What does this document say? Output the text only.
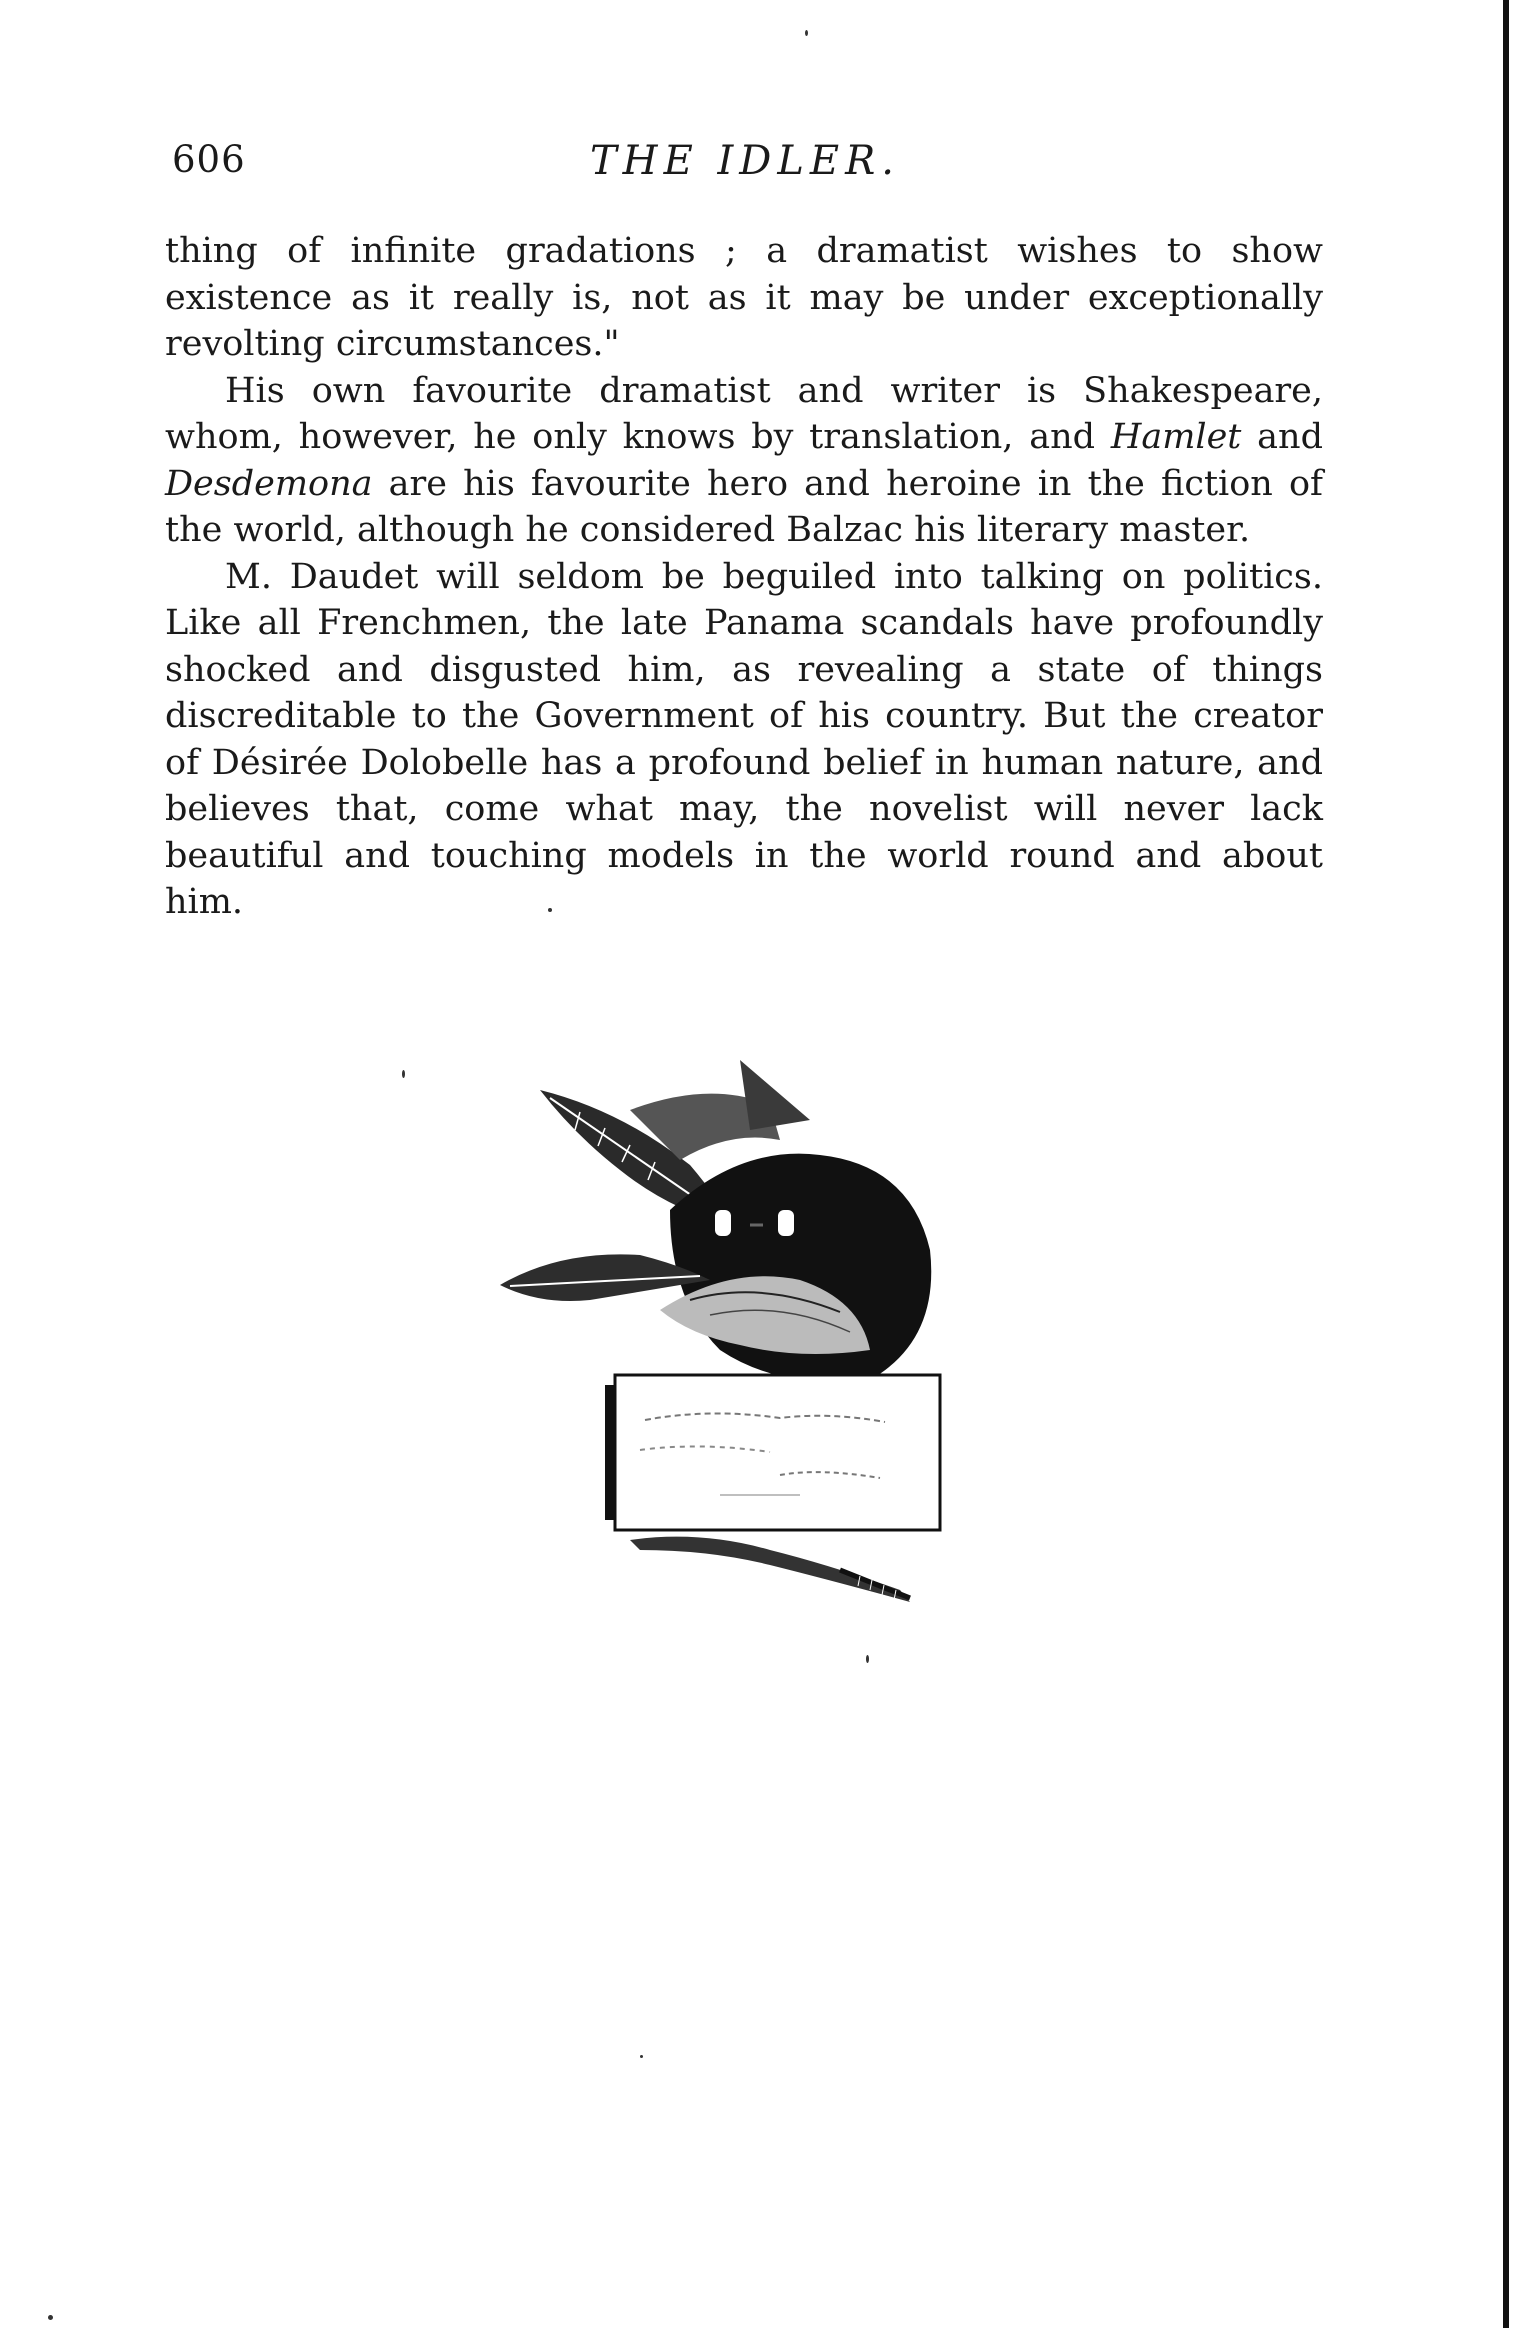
606	THE IDLER.

thing of infinite gradations ; a dramatist wishes to show existence as it really is, not as it may be under exceptionally revolting circumstances."

His own favourite dramatist and writer is Shakespeare, whom, however, he only knows by translation, and Hamlet and Desdemona are his favourite hero and heroine in the fiction of the world, although he considered Balzac his literary master.

M. Daudet will seldom be beguiled into talking on politics. Like all Frenchmen, the late Panama scandals have profoundly shocked and disgusted him, as revealing a state of things discreditable to the Government of his country. But the creator of Désirée Dolobelle has a profound belief in human nature, and believes that, come what may, the novelist will never lack beautiful and touching models in the world round and about him.
